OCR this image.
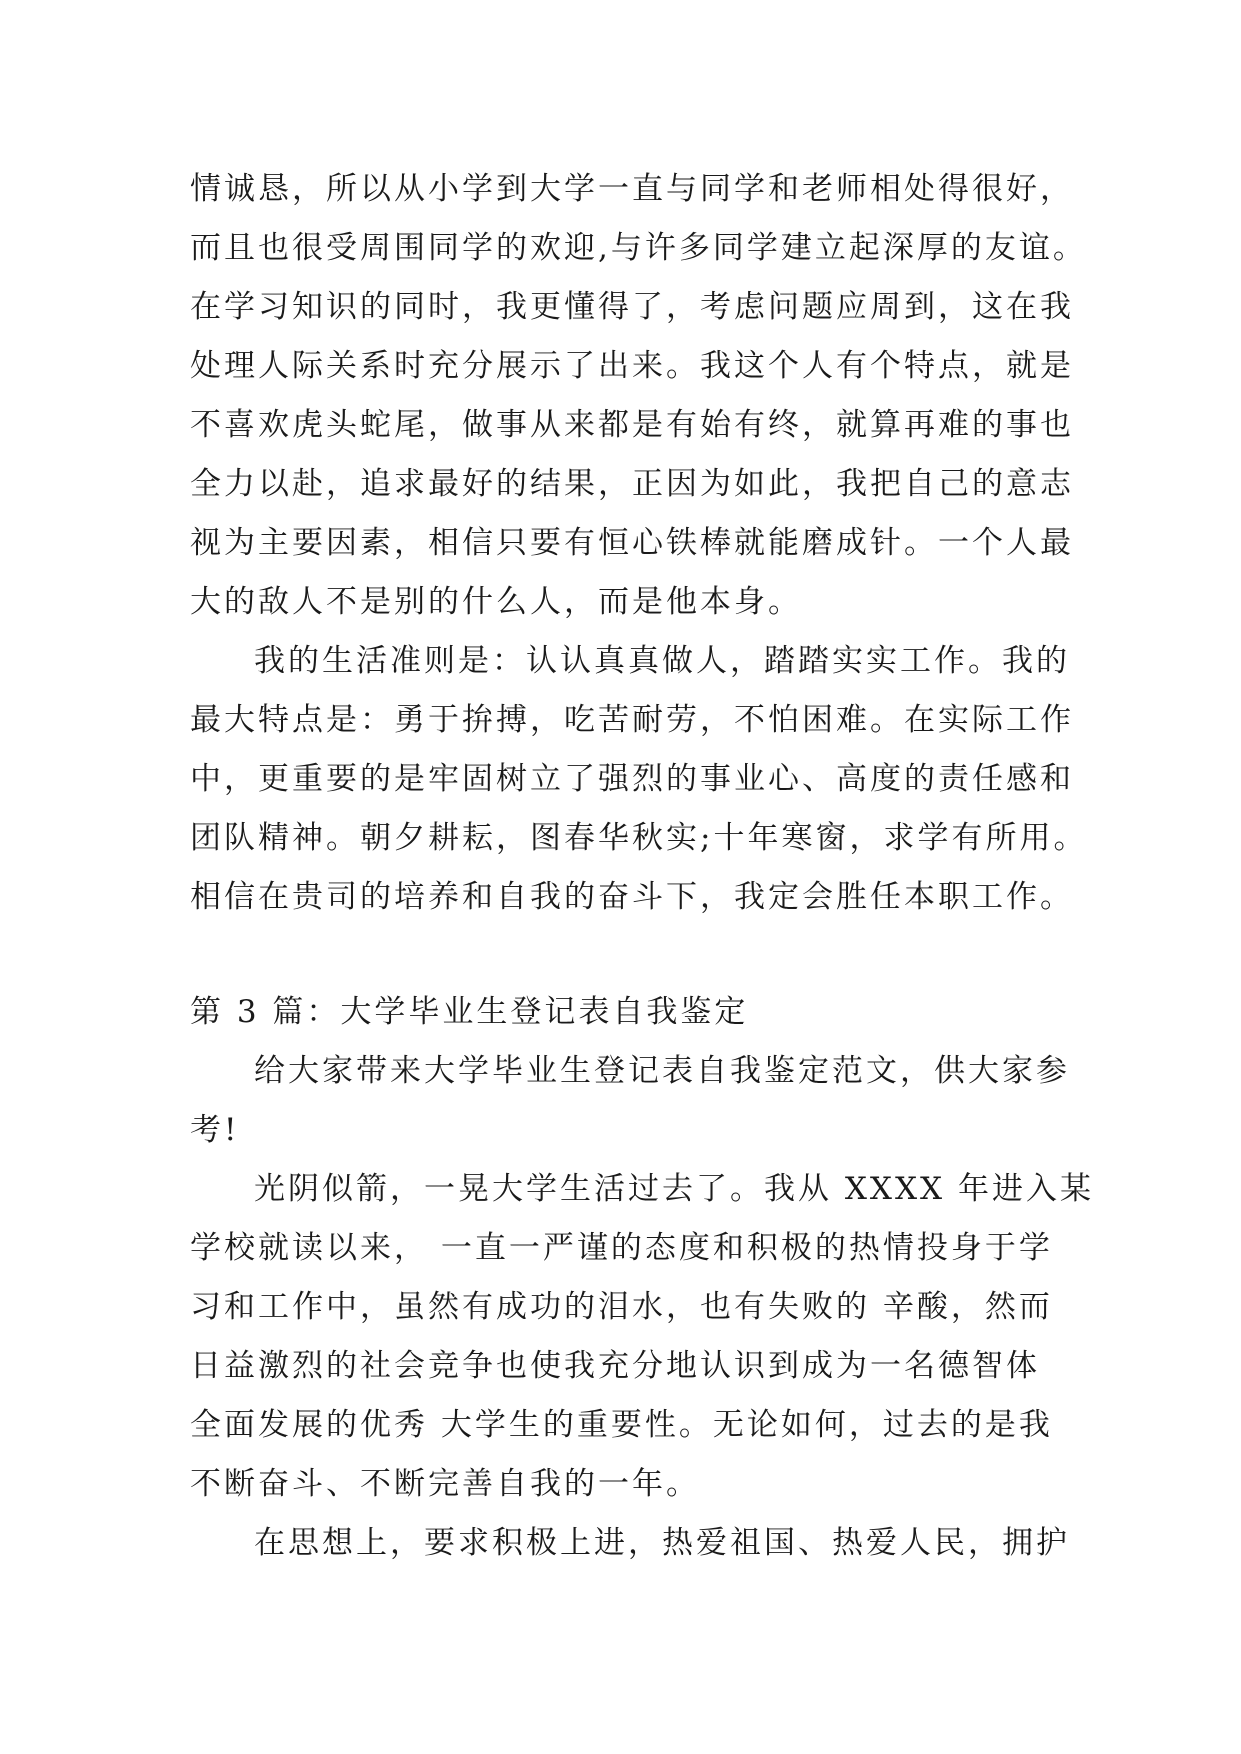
情诚恳，所以从小学到大学一直与同学和老师相处得很好，
而且也很受周围同学的欢迎,与许多同学建立起深厚的友谊。
在学习知识的同时，我更懂得了，考虑问题应周到，这在我
处理人际关系时充分展示了出来。我这个人有个特点，就是
不喜欢虎头蛇尾，做事从来都是有始有终，就算再难的事也
全力以赴，追求最好的结果，正因为如此，我把自己的意志
视为主要因素，相信只要有恒心铁棒就能磨成针。一个人最
大的敌人不是别的什么人，而是他本身。
我的生活准则是：认认真真做人，踏踏实实工作。我的
最大特点是：勇于拚搏，吃苦耐劳，不怕困难。在实际工作
中，更重要的是牢固树立了强烈的事业心、高度的责任感和
团队精神。朝夕耕耘，图春华秋实;十年寒窗，求学有所用。
相信在贵司的培养和自我的奋斗下，我定会胜任本职工作。
第 3 篇：大学毕业生登记表自我鉴定
给大家带来大学毕业生登记表自我鉴定范文，供大家参
考!
光阴似箭，一晃大学生活过去了。我从 XXXX 年进入某
学校就读以来， 一直一严谨的态度和积极的热情投身于学
习和工作中，虽然有成功的泪水，也有失败的 辛酸，然而
日益激烈的社会竞争也使我充分地认识到成为一名德智体
全面发展的优秀 大学生的重要性。无论如何，过去的是我
不断奋斗、不断完善自我的一年。
在思想上，要求积极上进，热爱祖国、热爱人民，拥护
